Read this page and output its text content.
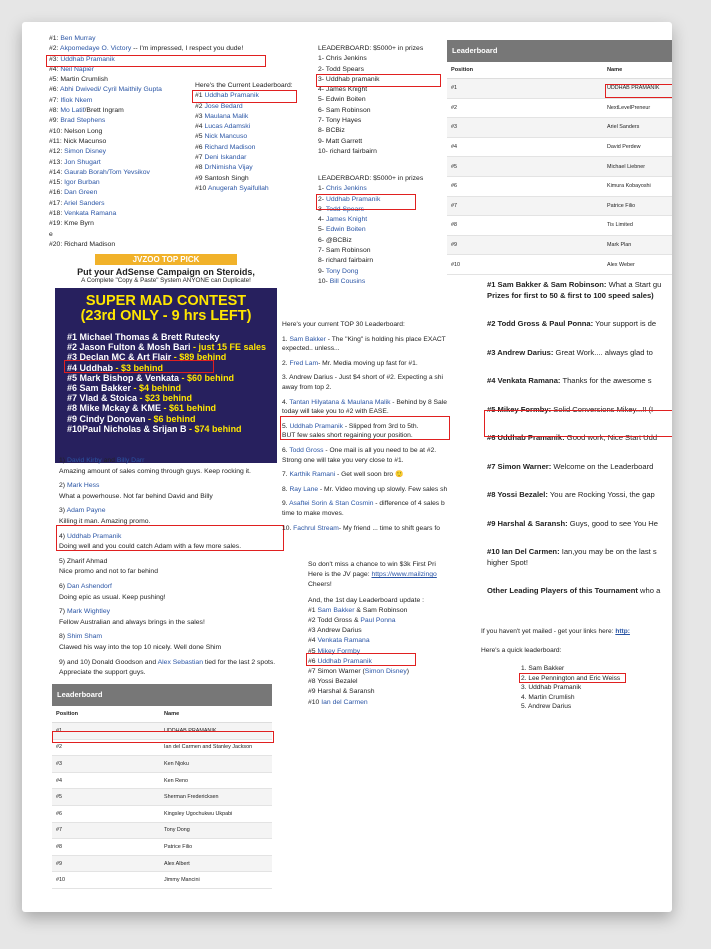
#1: Ben Murray
#2: Akpomedaye O. Victory -- I'm impressed, I respect you dude!
#3: Uddhab Pramanik
#4: Neil Napier
#5: Martin Crumlish
#6: Abhi Dwivedi/ Cyril Maithily Gupta
#7: Ifiok Nkem
#8: Mo Latif/Brett Ingram
#9: Brad Stephens
#10: Nelson Long
#11: Nick Macunso
#12: Simon Disney
#13: Jon Shugart
#14: Gaurab Borah/Tom Yevsikov
#15: Igor Burban
#16: Dan Green
#17: Ariel Sanders
#18: Venkata Ramana
#19: Kme Byrn
e
#20: Richard Madison
Here's the Current Leaderboard:
#1 Uddhab Pramanik
#2 Jose Bedard
#3 Maulana Malik
#4 Lucas Adamski
#5 Nick Mancuso
#6 Richard Madison
#7 Deni Iskandar
#8 DrNimisha Vijay
#9 Santosh Singh
#10 Anugerah Syaifullah
LEADERBOARD: $5000+ in prizes
1- Chris Jenkins
2- Todd Spears
3- Uddhab pramanik
4- James Knight
5- Edwin Boiten
6- Sam Robinson
7- Tony Hayes
8- BCBiz
9- Matt Garrett
10- richard fairbairn
LEADERBOARD: $5000+ in prizes
1- Chris Jenkins
2- Uddhab Pramanik
3- Todd Spears
4- James Knight
5- Edwin Boiten
6- @BCBiz
7- Sam Robinson
8- richard fairbairn
9- Tony Dong
10- Bill Cousins
Leaderboard
Position	Name
#1	UDDHAB PRAMANIK
#2	NextLevelPreneur
#3	Ariel Sanders
#4	David Perdew
#5	Michael Liebner
#6	Kimura Kobayoshi
#7	Patrice Filio
#8	Tis Limited
#9	Mark Plan
#10	Alex Weber
JVZOO TOP PICK
Put your AdSense Campaign on Steroids,
A Complete "Copy & Paste" System ANYONE can Duplicate!
SUPER MAD CONTEST
(23rd ONLY - 9 hrs LEFT)
#1 Michael Thomas & Brett Rutecky
#2 Jason Fulton & Mosh Bari - just 15 FE sales
#3 Declan MC & Art Flair - $89 behind
#4 Uddhab - $3 behind
#5 Mark Bishop & Venkata - $60 behind
#6 Sam Bakker - $4 behind
#7 Vlad & Stoica - $23 behind
#8 Mike Mckay & KME - $61 behind
#9 Cindy Donovan - $6 behind
#10Paul Nicholas & Srijan B - $74 behind
1) David Kirby and Billy Darr
Amazing amount of sales coming through guys. Keep rocking it.
2) Mark Hess
What a powerhouse. Not far behind David and Billy
3) Adam Payne
Killing it man. Amazing promo.
4) Uddhab Pramanik
Doing well and you could catch Adam with a few more sales.
5) Zharif Ahmad
Nice promo and not to far behind
6) Dan Ashendorf
Doing epic as usual. Keep pushing!
7) Mark Wightley
Fellow Australian and always brings in the sales!
8) Shim Sham
Clawed his way into the top 10 nicely. Well done Shim
9) and 10) Donald Goodson and Alex Sebastian tied for the last 2 spots.
Appreciate the support guys.
Here's your current TOP 30 Leaderboard:
1. Sam Bakker - The "King" is holding his place EXACT
expected.. unless...
2. Fred Lam- Mr. Media moving up fast for #1.
3. Andrew Darius - Just $4 short of #2. Expecting a shi
away from top 2.
4. Tantan Hilyatana & Maulana Malik - Behind by 8 Sale
today will take you to #2 with EASE.
5. Uddhab Pramanik - Slipped from 3rd to 5th.
BUT few sales short regaining your position.
6. Todd Gross - One mail is all you need to be at #2.
Strong one will take you very close to #1.
7. Karthik Ramani - Get well soon bro 🙂
8. Ray Lane - Mr. Video moving up slowly. Few sales sh
9. Asaftei Sorin & Stan Cosmin - difference of 4 sales b
time to make moves.
10. Fachrul Stream- My friend ... time to shift gears fo
So don't miss a chance to win $3k First Pri
Here is the JV page: https://www.mailzingo
Cheers!
And, the 1st day Leaderboard update :
#1 Sam Bakker & Sam Robinson
#2 Todd Gross & Paul Ponna
#3 Andrew Darius
#4 Venkata Ramana
#5 Mikey Formby
#6 Uddhab Pramanik
#7 Simon Warner (Simon Disney)
#8 Yossi Bezalel
#9 Harshal & Saransh
#10 Ian del Carmen

#1 Sam Bakker & Sam Robinson: What a Start gu
Prizes for first to 50 & first to 100 speed sales)

#2 Todd Gross & Paul Ponna: Your support is de

#3 Andrew Darius: Great Work.... always glad to

#4 Venkata Ramana: Thanks for the awesome s

#5 Mikey Formby: Solid Conversions Mikey...!! (I

#6 Uddhab Pramanik: Good work, Nice Start Udd

#7 Simon Warner: Welcome on the Leaderboard

#8 Yossi Bezalel: You are Rocking Yossi, the gap

#9 Harshal & Saransh: Guys, good to see You He

#10 Ian Del Carmen: Ian,you may be on the last s
higher Spot!

Other Leading Players of this Tournament who a

If you haven't yet mailed - get your links here: http:
Here's a quick leaderboard:
1. Sam Bakker
2. Lee Pennington and Eric Weiss
3. Uddhab Pramanik
4. Martin Crumlish
5. Andrew Darius
Leaderboard
Position	Name
#1	UDDHAB PRAMANIK
#2	Ian del Carmen and Stanley Jackson
#3	Ken Njoku
#4	Ken Reno
#5	Sherman Fredericksen
#6	Kingsley Ugochukwu Ukpabi
#7	Tony Dong
#8	Patrice Filio
#9	Alex Albert
#10	Jimmy Mancini
